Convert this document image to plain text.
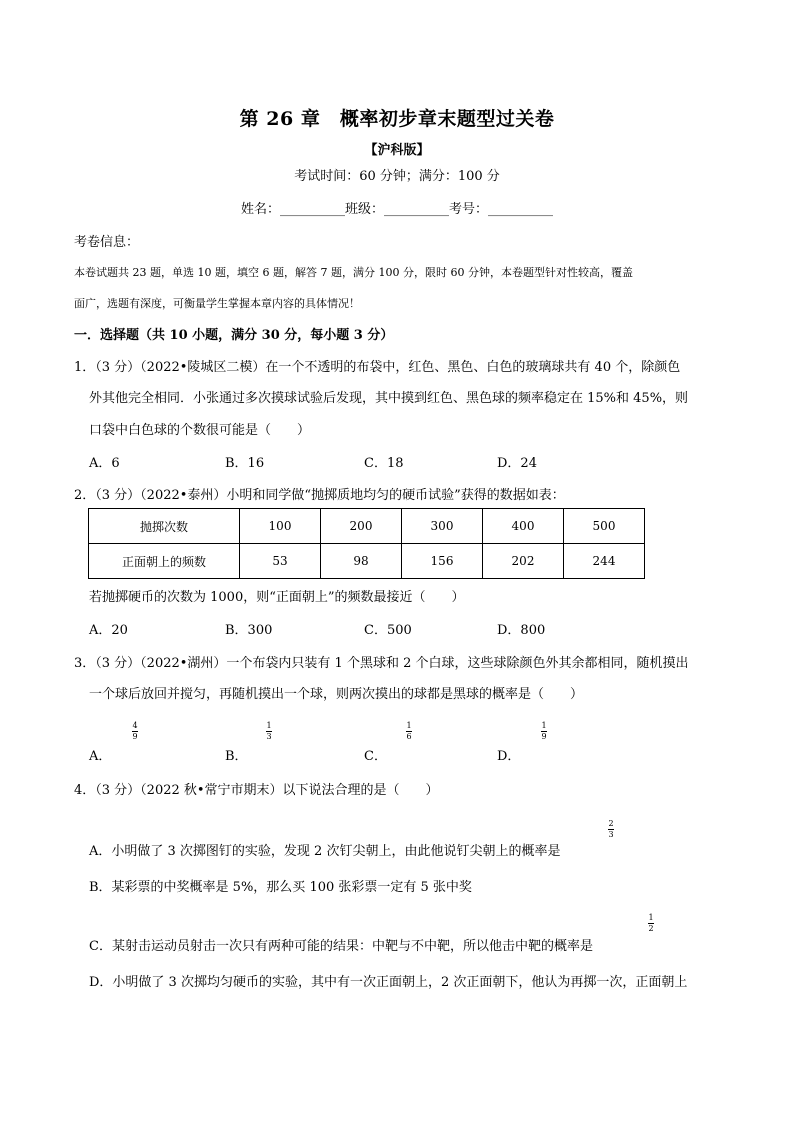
第 26 章　概率初步章末题型过关卷
【沪科版】
考试时间：60 分钟；满分：100 分
姓名：__________班级：__________考号：__________
考卷信息：
本卷试题共 23 题，单选 10 题，填空 6 题，解答 7 题，满分 100 分，限时 60 分钟，本卷题型针对性较高，覆盖
面广，选题有深度，可衡量学生掌握本章内容的具体情况！
一．选择题（共 10 小题，满分 30 分，每小题 3 分）
1．（3 分）（2022•陵城区二模）在一个不透明的布袋中，红色、黑色、白色的玻璃球共有 40 个，除颜色
外其他完全相同．小张通过多次摸球试验后发现，其中摸到红色、黑色球的频率稳定在 15%和 45%，则
口袋中白色球的个数很可能是（　　）
A．6	B．16	C．18	D．24
2．（3 分）（2022•泰州）小明和同学做“抛掷质地均匀的硬币试验”获得的数据如表：
抛掷次数	100	200	300	400	500
正面朝上的频数	53	98	156	202	244
若抛掷硬币的次数为 1000，则“正面朝上”的频数最接近（　　）
A．20	B．300	C．500	D．800
3．（3 分）（2022•湖州）一个布袋内只装有 1 个黑球和 2 个白球，这些球除颜色外其余都相同，随机摸出
一个球后放回并搅匀，再随机摸出一个球，则两次摸出的球都是黑球的概率是（　　）
A．
4
9
B．
1
3
C．
1
6
D．
1
9
4．（3 分）（2022 秋•常宁市期末）以下说法合理的是（　　）
A．小明做了 3 次掷图钉的实验，发现 2 次钉尖朝上，由此他说钉尖朝上的概率是
2
3
B．某彩票的中奖概率是 5%，那么买 100 张彩票一定有 5 张中奖
C．某射击运动员射击一次只有两种可能的结果：中靶与不中靶，所以他击中靶的概率是
1
2
D．小明做了 3 次掷均匀硬币的实验，其中有一次正面朝上，2 次正面朝下，他认为再掷一次，正面朝上
